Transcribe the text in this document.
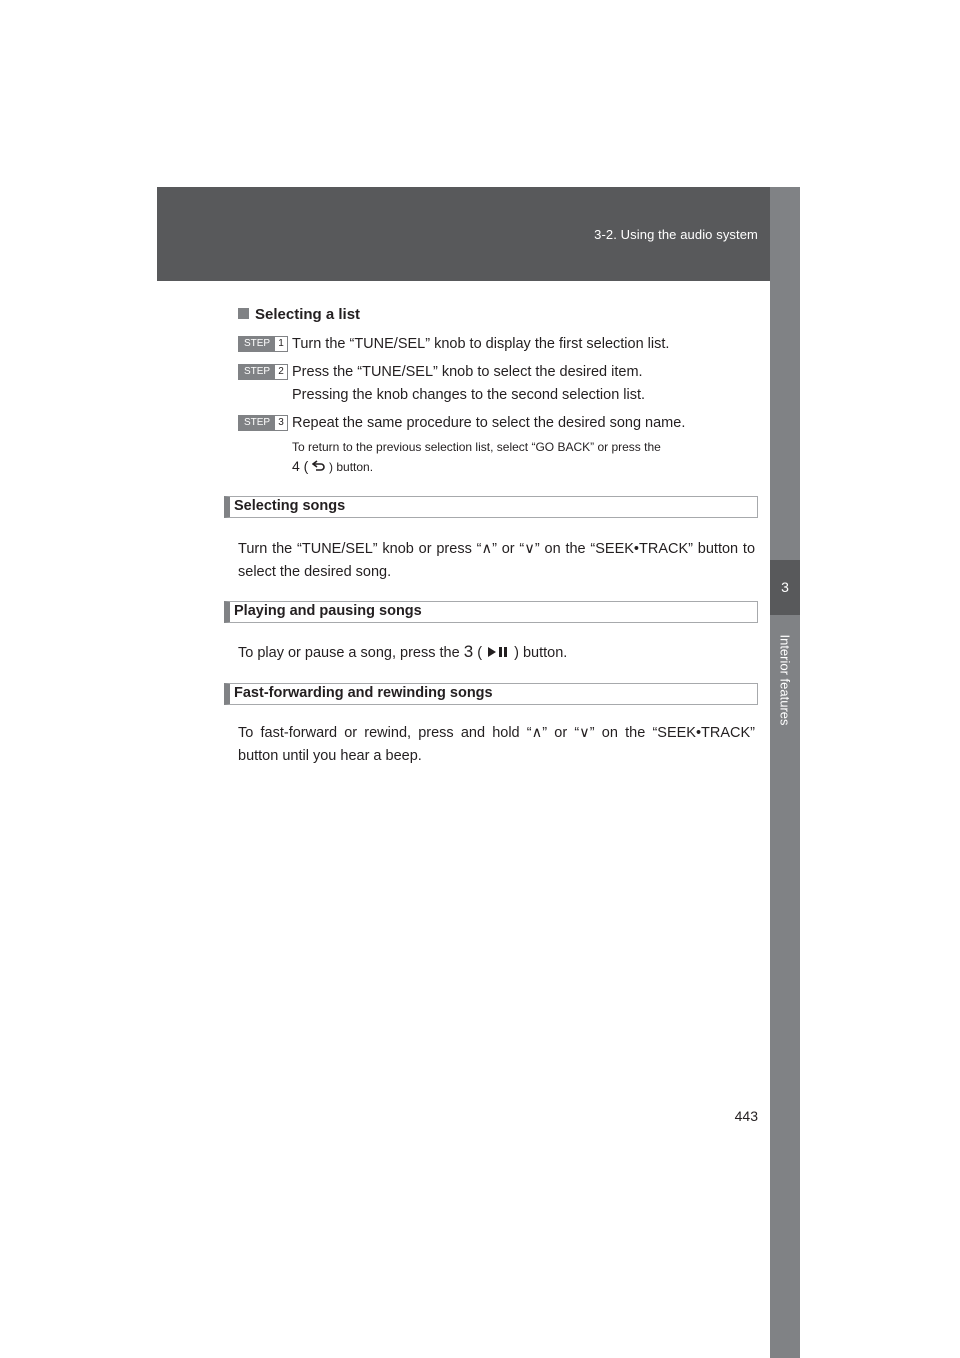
3-2. Using the audio system
3
Interior features
Selecting a list
STEP 1 Turn the “TUNE/SEL” knob to display the first selection list.
STEP 2 Press the “TUNE/SEL” knob to select the desired item.
Pressing the knob changes to the second selection list.
STEP 3 Repeat the same procedure to select the desired song name.
To return to the previous selection list, select “GO BACK” or press the
4 ( ) button.
Selecting songs
Turn the “TUNE/SEL” knob or press “∧” or “∨” on the “SEEK•TRACK” button to select the desired song.
Playing and pausing songs
To play or pause a song, press the 3 ( ) button.
Fast-forwarding and rewinding songs
To fast-forward or rewind, press and hold “∧” or “∨” on the “SEEK•TRACK” button until you hear a beep.
443
